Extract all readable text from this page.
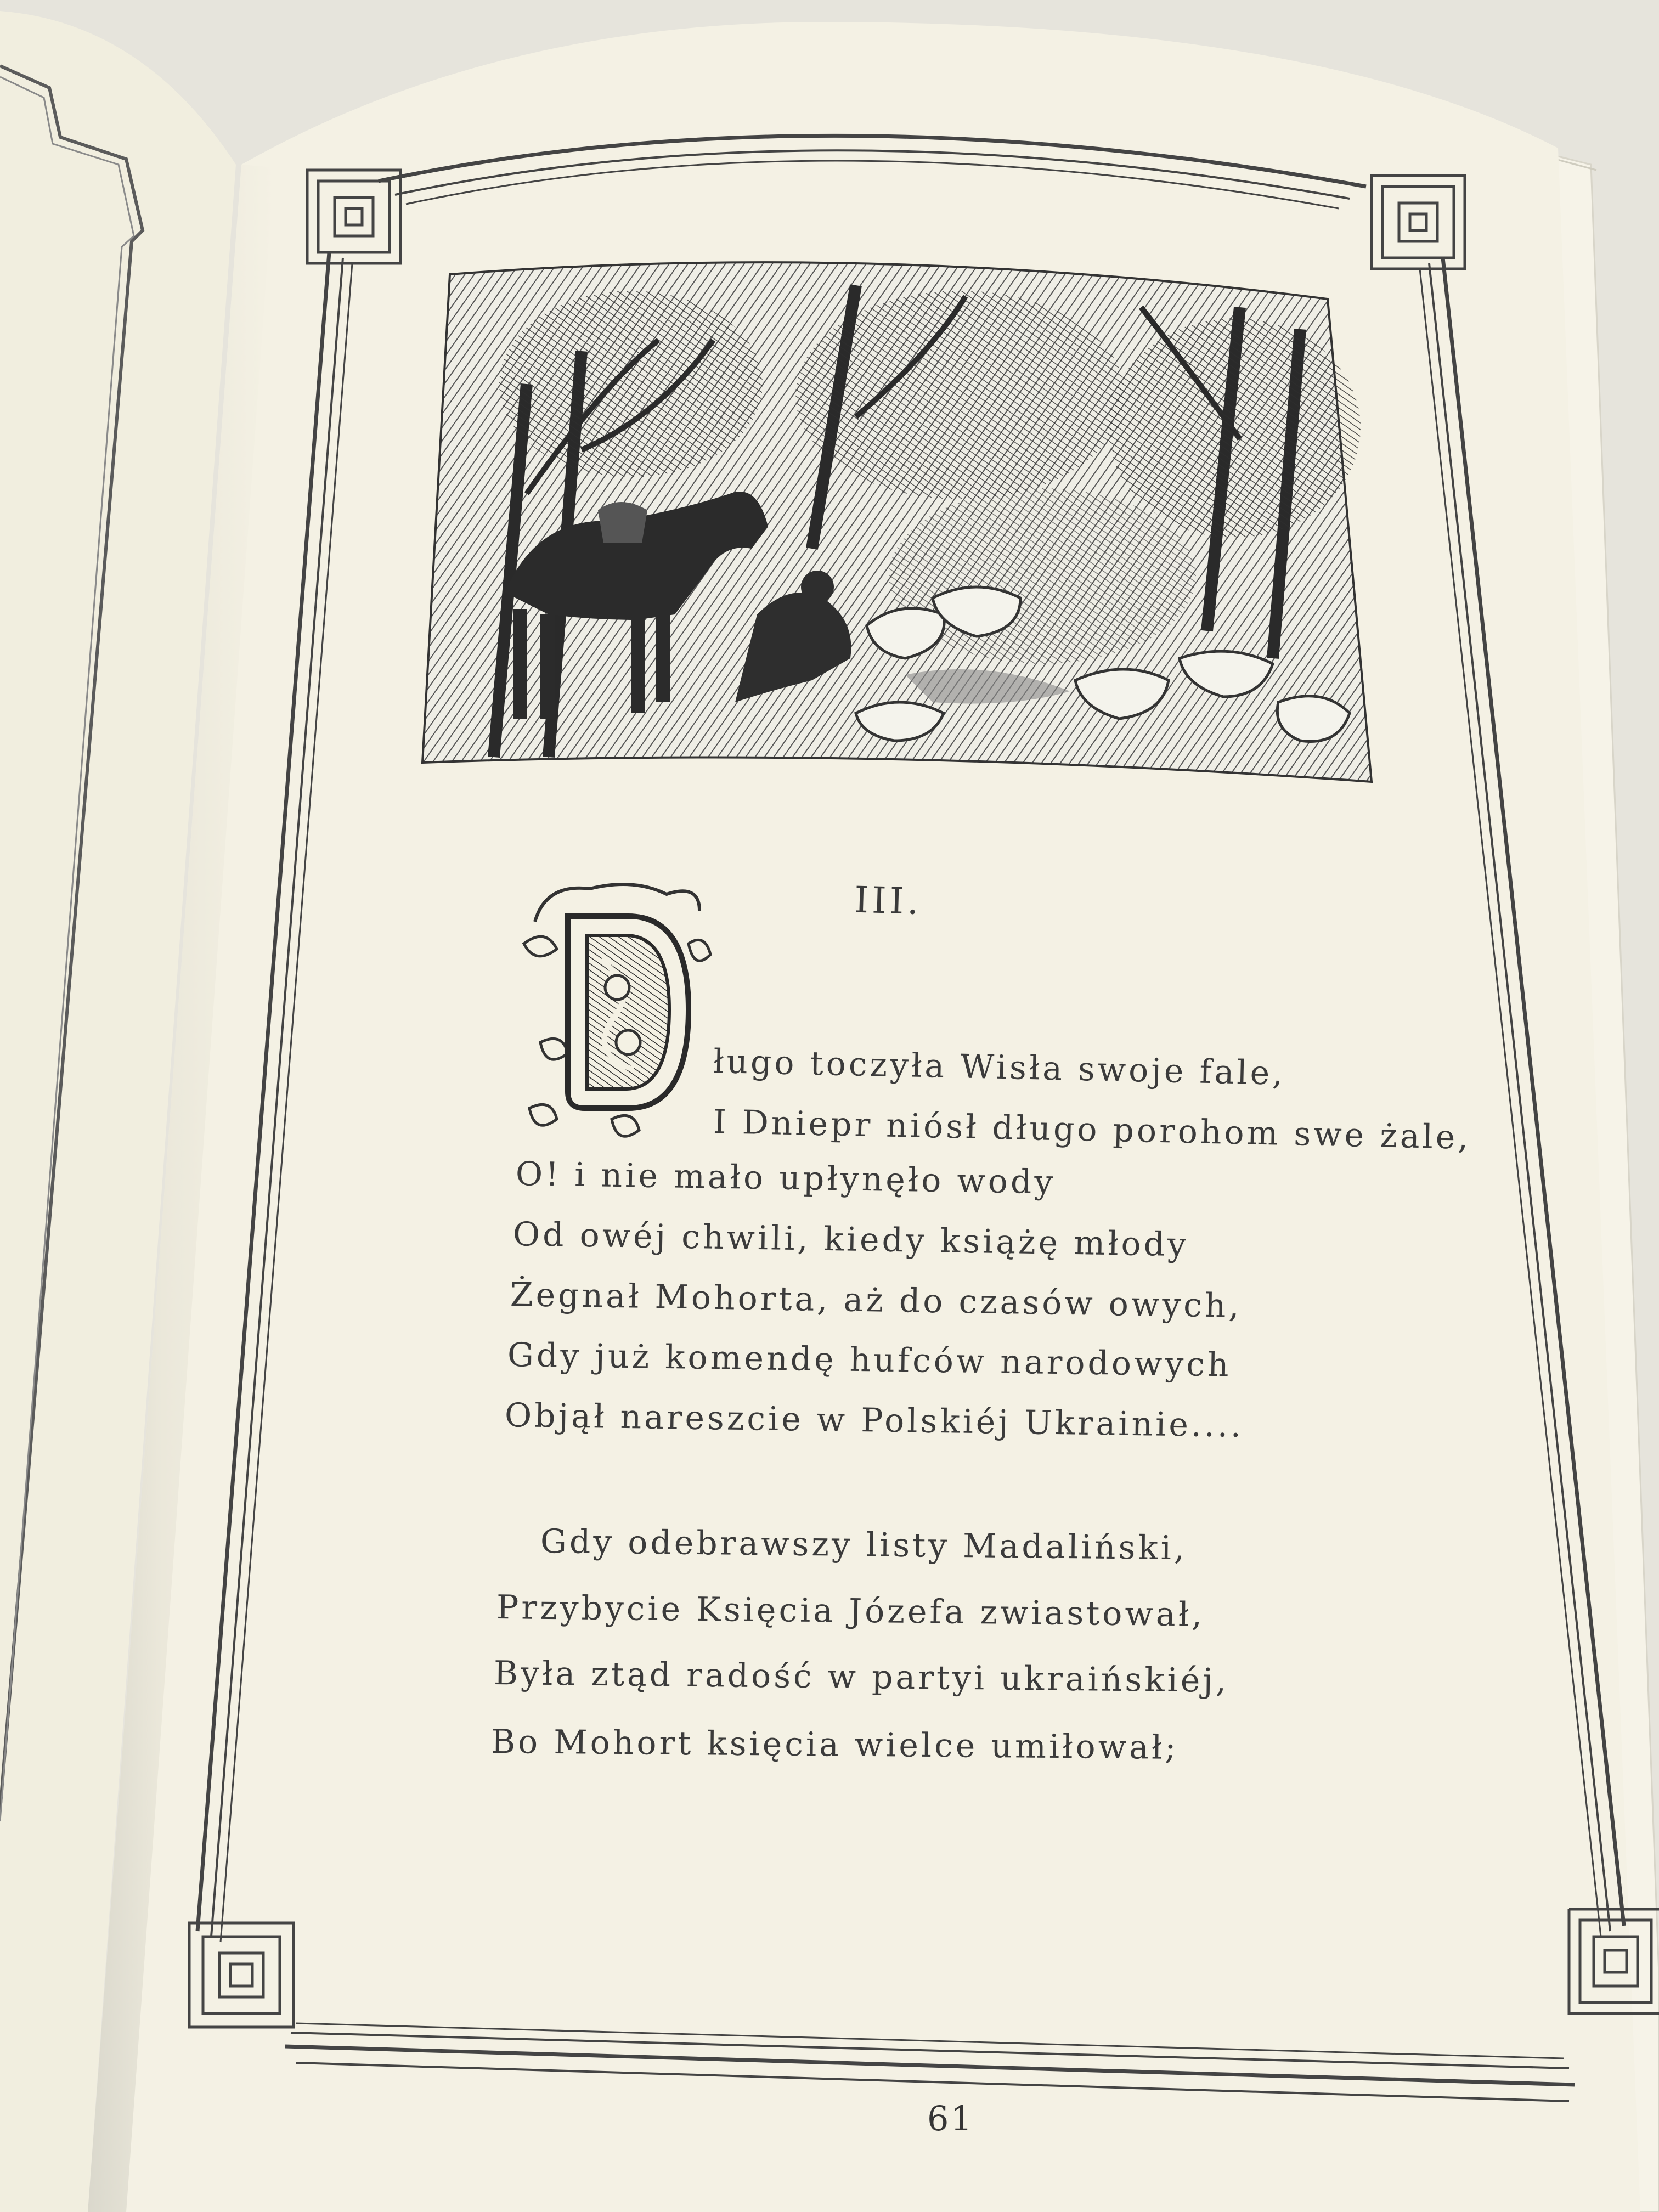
III.
ługo toczyła Wisła swoje fale,
I Dniepr niósł długo porohom swe żale,
O! i nie mało upłynęło wody
Od owéj chwili, kiedy książę młody
Żegnał Mohorta, aż do czasów owych,
Gdy już komendę hufców narodowych
Objął nareszcie w Polskiéj Ukrainie....
Gdy odebrawszy listy Madaliński,
Przybycie Księcia Józefa zwiastował,
Była ztąd radość w partyi ukraińskiéj,
Bo Mohort księcia wielce umiłował;
61
